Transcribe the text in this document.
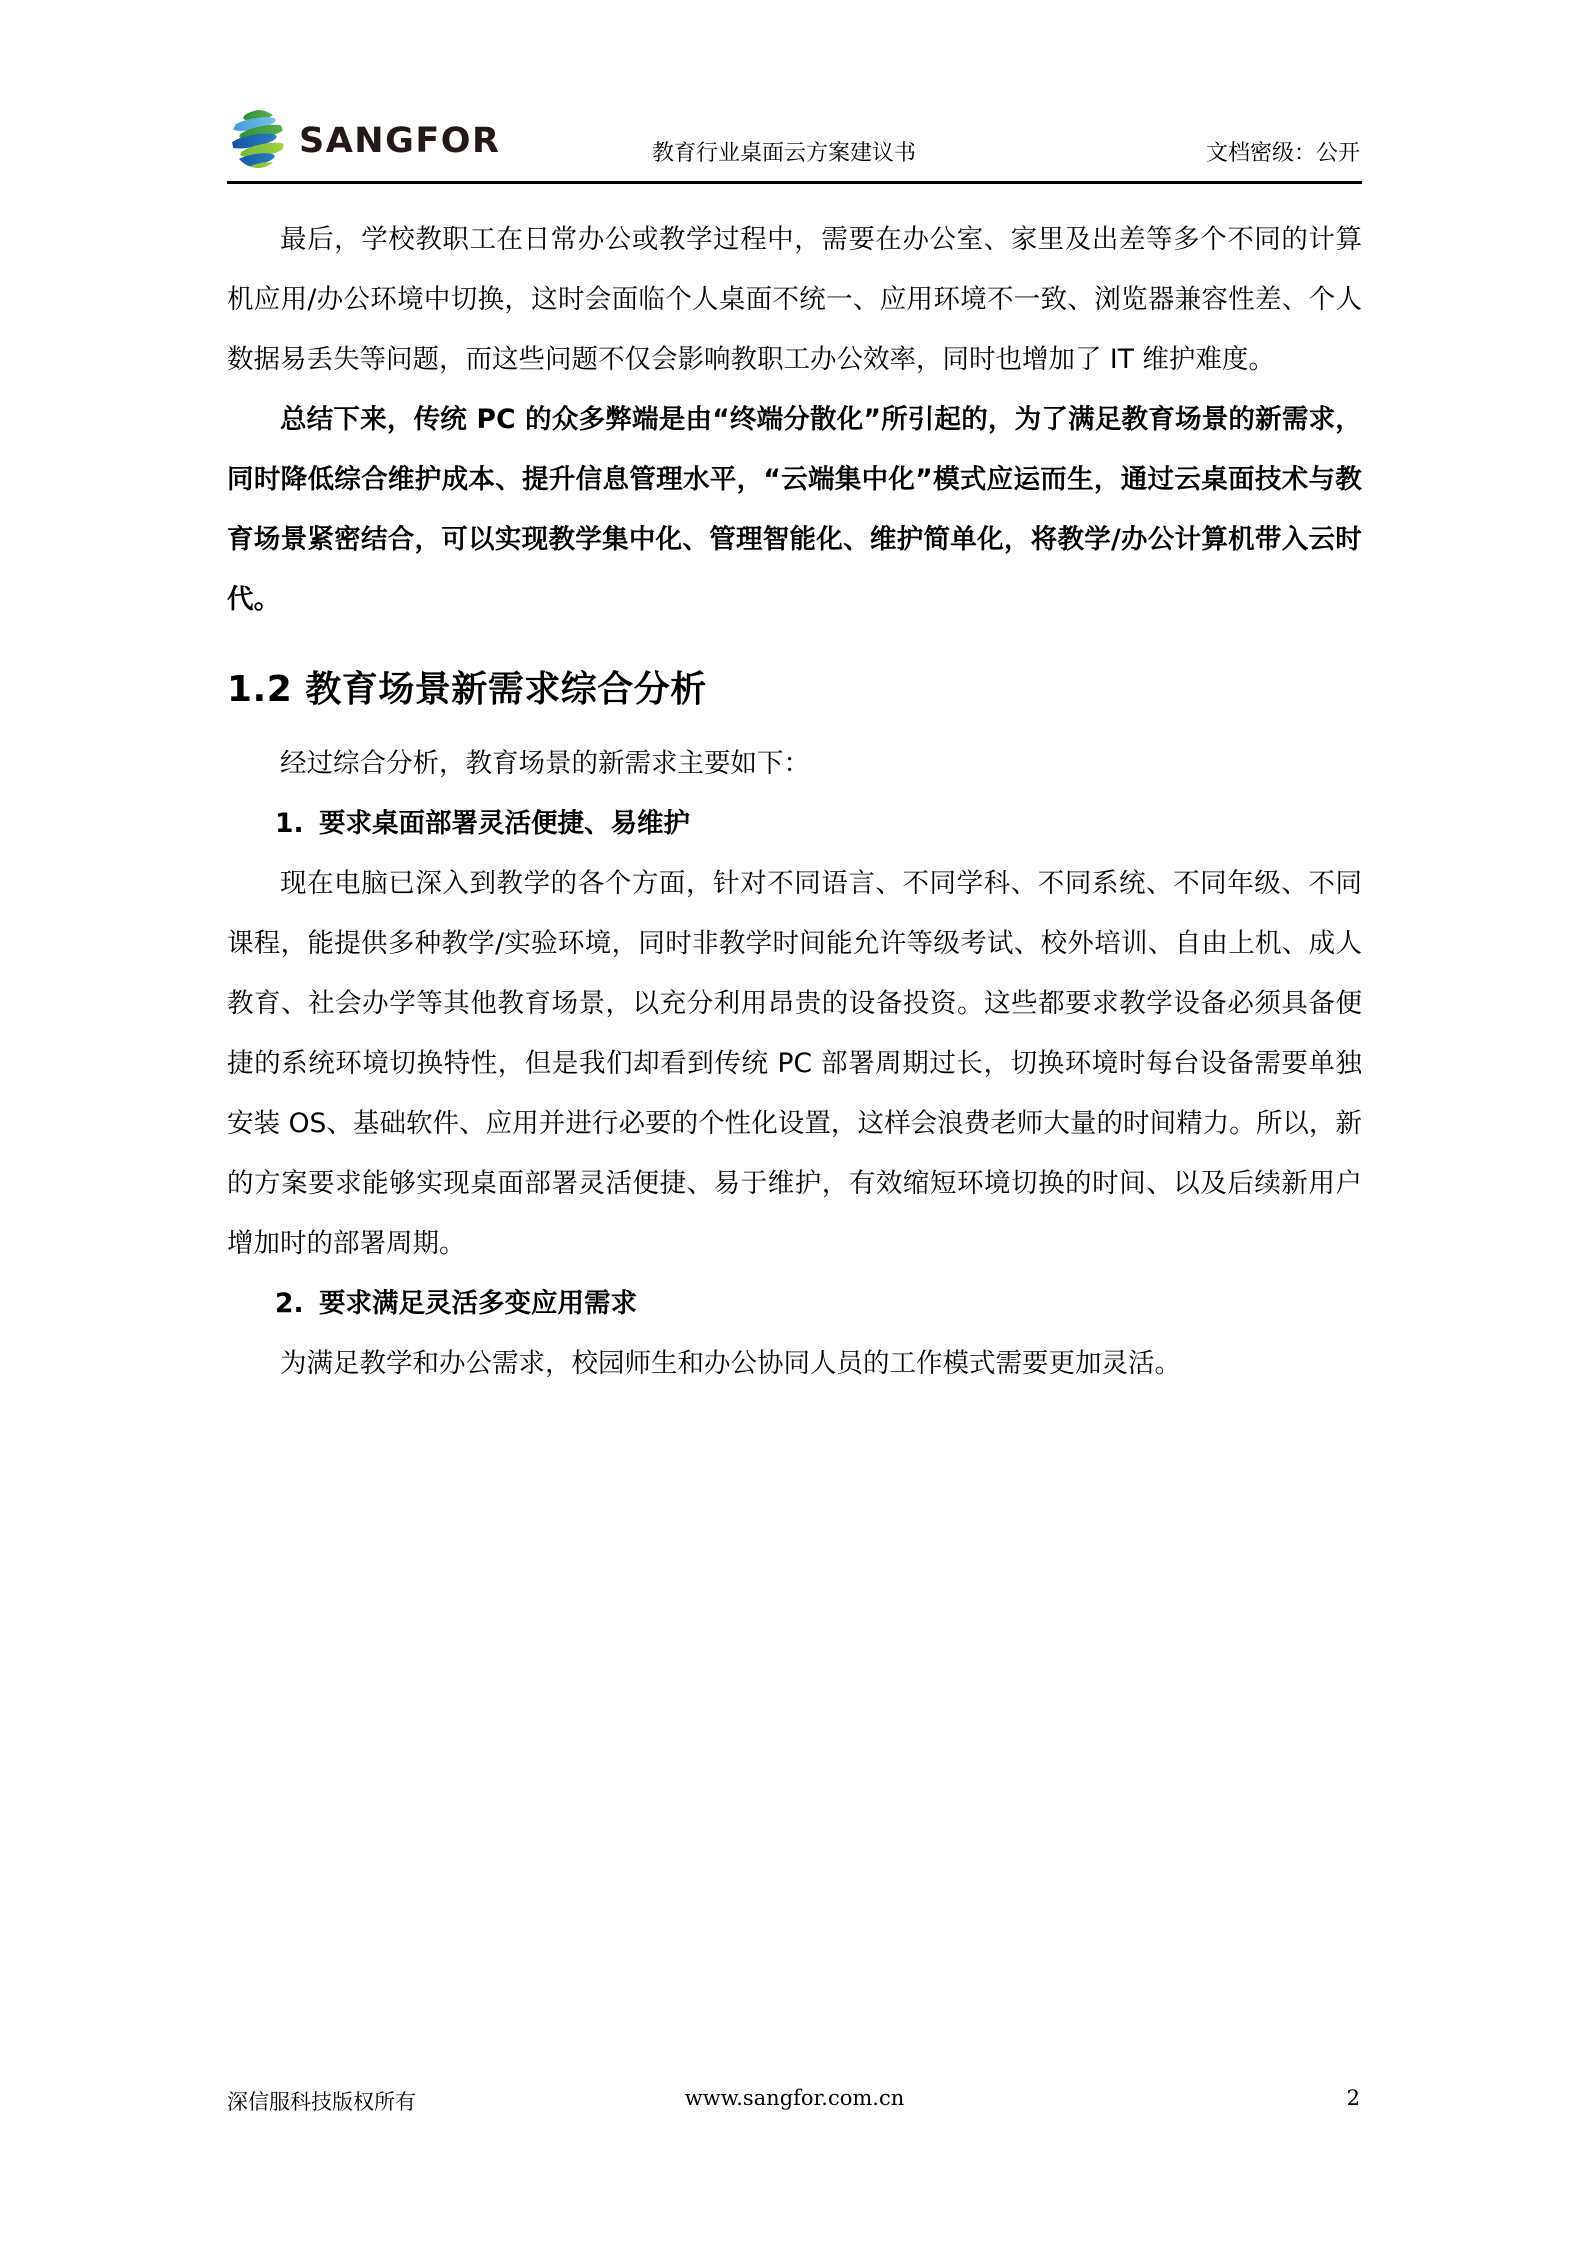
SANGFOR	教育行业桌面云方案建议书	文档密级：公开

最后，学校教职工在日常办公或教学过程中，需要在办公室、家里及出差等多个不同的计算机应用/办公环境中切换，这时会面临个人桌面不统一、应用环境不一致、浏览器兼容性差、个人数据易丢失等问题，而这些问题不仅会影响教职工办公效率，同时也增加了 IT 维护难度。

总结下来，传统 PC 的众多弊端是由“终端分散化”所引起的，为了满足教育场景的新需求，同时降低综合维护成本、提升信息管理水平，“云端集中化”模式应运而生，通过云桌面技术与教育场景紧密结合，可以实现教学集中化、管理智能化、维护简单化，将教学/办公计算机带入云时代。

1.2 教育场景新需求综合分析

经过综合分析，教育场景的新需求主要如下：

1. 要求桌面部署灵活便捷、易维护

现在电脑已深入到教学的各个方面，针对不同语言、不同学科、不同系统、不同年级、不同课程，能提供多种教学/实验环境，同时非教学时间能允许等级考试、校外培训、自由上机、成人教育、社会办学等其他教育场景，以充分利用昂贵的设备投资。这些都要求教学设备必须具备便捷的系统环境切换特性，但是我们却看到传统 PC 部署周期过长，切换环境时每台设备需要单独安装 OS、基础软件、应用并进行必要的个性化设置，这样会浪费老师大量的时间精力。所以，新的方案要求能够实现桌面部署灵活便捷、易于维护，有效缩短环境切换的时间、以及后续新用户增加时的部署周期。

2. 要求满足灵活多变应用需求

为满足教学和办公需求，校园师生和办公协同人员的工作模式需要更加灵活。

深信服科技版权所有	www.sangfor.com.cn	2
